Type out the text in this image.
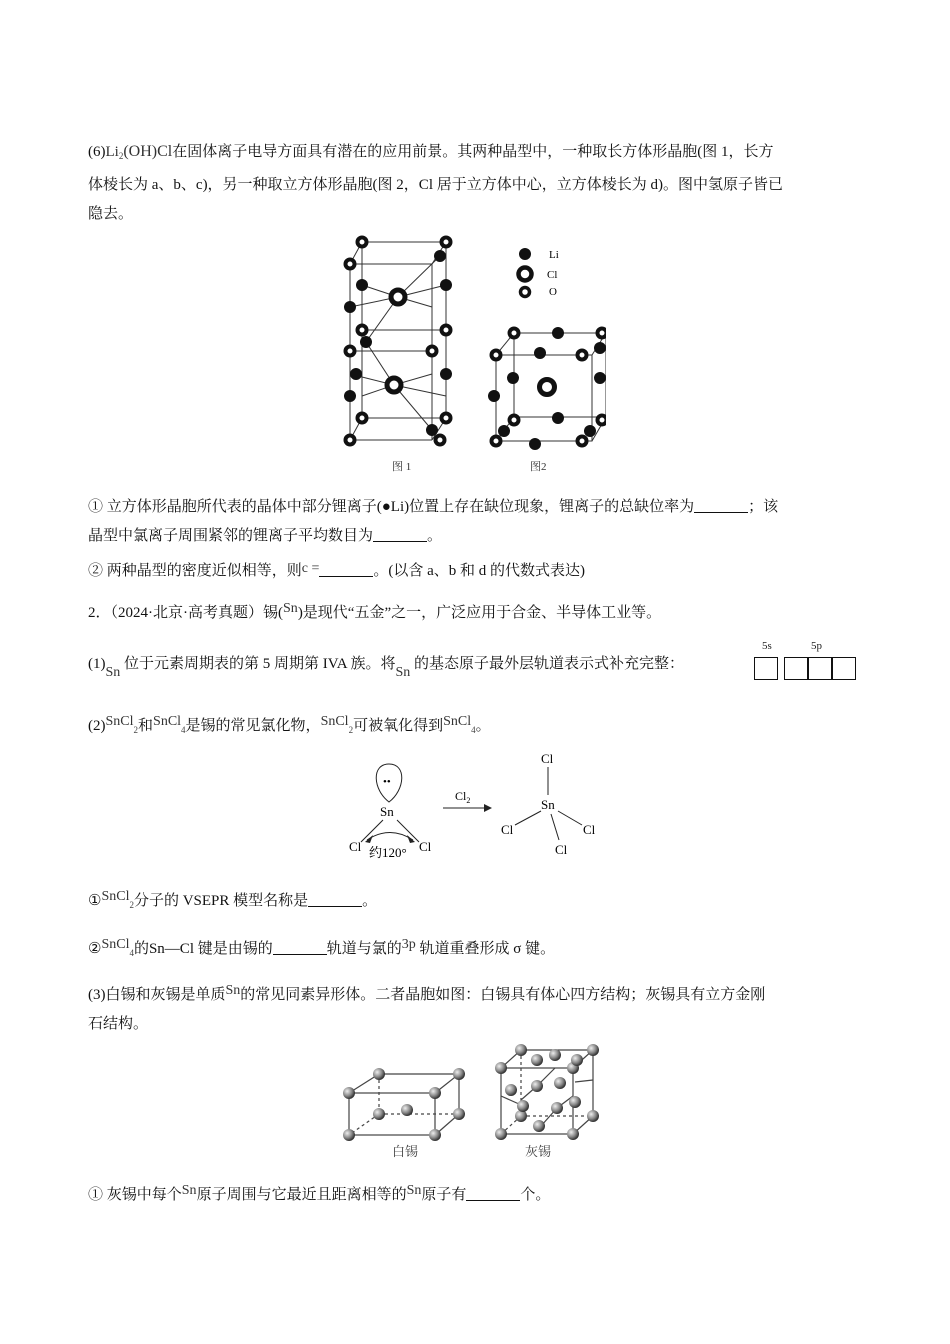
$(6)Li_2(OH)Cl$在固体离子电导方面具有潜在的应用前景。其两种晶型中，一种取长方体形晶胞(图 1，长方
体棱长为 a、b、c)，另一种取立方体形晶胞(图 2，Cl 居于立方体中心，立方体棱长为 d)。图中氢原子皆已
隐去。
Li
Cl
O
图 1	图2
① 立方体形晶胞所代表的晶体中部分锂离子(●Li)位置上存在缺位现象，锂离子的总缺位率为	；该
晶型中氯离子周围紧邻的锂离子平均数目为	。
② 两种晶型的密度近似相等，则c =	。(以含 a、b 和 d 的代数式表达)
2．（2024·北京·高考真题）锡(Sn)是现代“五金”之一，广泛应用于合金、半导体工业等。
(1)Sn 位于元素周期表的第 5 周期第 IVA 族。将Sn 的基态原子最外层轨道表示式补充完整：
5s	5p
(2)SnCl$_2$和SnCl$_4$是锡的常见氯化物，SnCl$_2$可被氧化得到SnCl$_4$。
••
Sn
Cl	Cl
约120°
$Cl_2$
Cl
Sn
Cl	Cl
Cl
①SnCl$_2$分子的 VSEPR 模型名称是	。
②SnCl$_4$的Sn—Cl 键是由锡的	轨道与氯的3p 轨道重叠形成 σ 键。
(3)白锡和灰锡是单质Sn的常见同素异形体。二者晶胞如图：白锡具有体心四方结构；灰锡具有立方金刚
石结构。
白锡	灰锡
① 灰锡中每个Sn原子周围与它最近且距离相等的Sn原子有	个。
